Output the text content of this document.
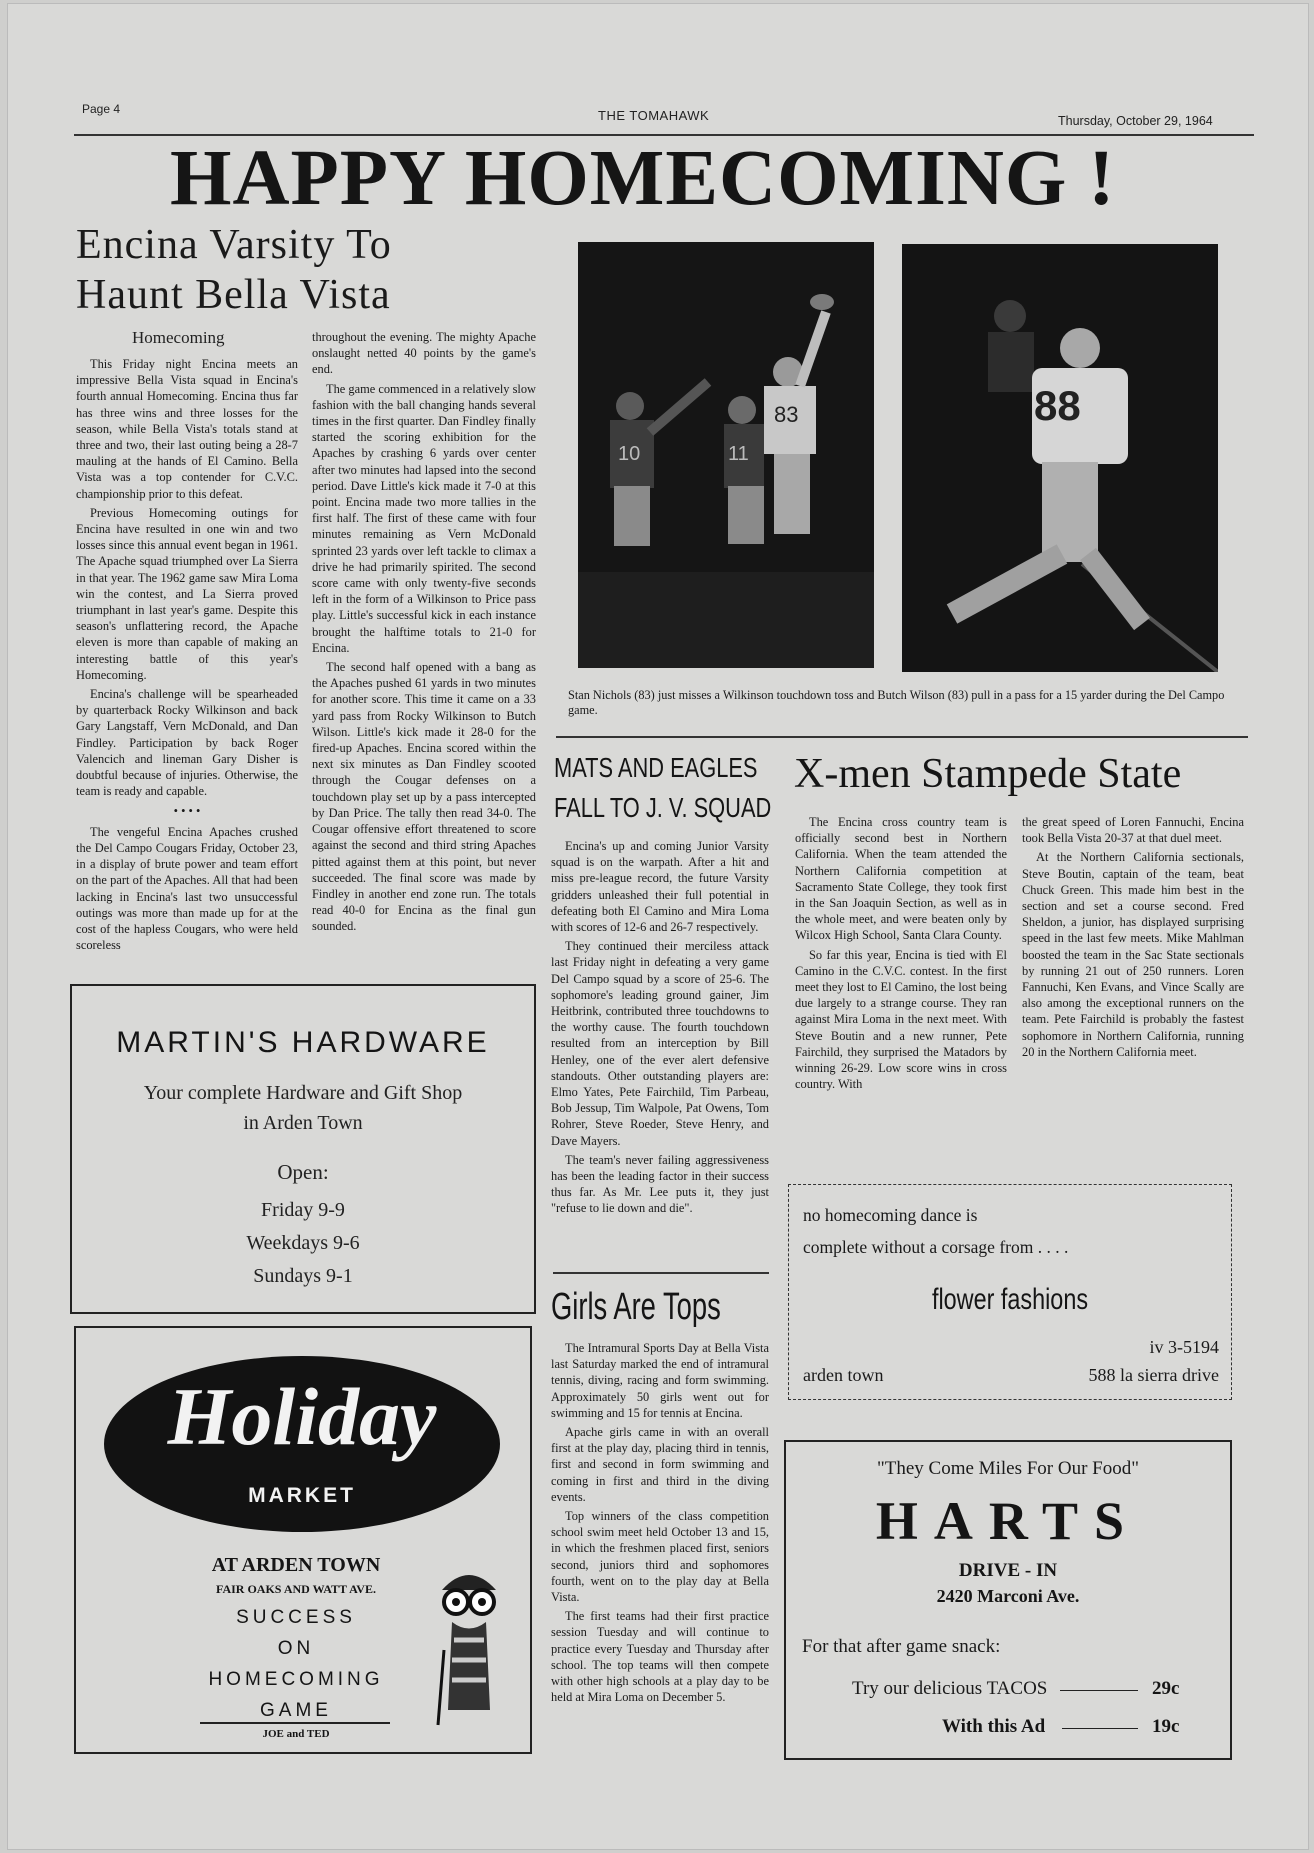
Page 4	THE TOMAHAWK	Thursday, October 29, 1964
HAPPY HOMECOMING !
Encina Varsity To
Haunt Bella Vista
Homecoming

This Friday night Encina meets an impressive Bella Vista squad in Encina's fourth annual Homecoming. Encina thus far has three wins and three losses for the season, while Bella Vista's totals stand at three and two, their last outing being a 28-7 mauling at the hands of El Camino. Bella Vista was a top contender for C.V.C. championship prior to this defeat.

Previous Homecoming outings for Encina have resulted in one win and two losses since this annual event began in 1961. The Apache squad triumphed over La Sierra in that year. The 1962 game saw Mira Loma win the contest, and La Sierra proved triumphant in last year's game. Despite this season's unflattering record, the Apache eleven is more than capable of making an interesting battle of this year's Homecoming.

Encina's challenge will be spearheaded by quarterback Rocky Wilkinson and back Gary Langstaff, Vern McDonald, and Dan Findley. Participation by back Roger Valencich and lineman Gary Disher is doubtful because of injuries. Otherwise, the team is ready and capable.

• • • •

The vengeful Encina Apaches crushed the Del Campo Cougars Friday, October 23, in a display of brute power and team effort on the part of the Apaches. All that had been lacking in Encina's last two unsuccessful outings was more than made up for at the cost of the hapless Cougars, who were held scoreless

throughout the evening. The mighty Apache onslaught netted 40 points by the game's end.

The game commenced in a relatively slow fashion with the ball changing hands several times in the first quarter. Dan Findley finally started the scoring exhibition for the Apaches by crashing 6 yards over center after two minutes had lapsed into the second period. Dave Little's kick made it 7-0 at this point. Encina made two more tallies in the first half. The first of these came with four minutes remaining as Vern McDonald sprinted 23 yards over left tackle to climax a drive he had primarily spirited. The second score came with only twenty-five seconds left in the form of a Wilkinson to Price pass play. Little's successful kick in each instance brought the halftime totals to 21-0 for Encina.

The second half opened with a bang as the Apaches pushed 61 yards in two minutes for another score. This time it came on a 33 yard pass from Rocky Wilkinson to Butch Wilson. Little's kick made it 28-0 for the fired-up Apaches. Encina scored within the next six minutes as Dan Findley scooted through the Cougar defenses on a touchdown play set up by a pass intercepted by Dan Price. The tally then read 34-0. The Cougar offensive effort threatened to score against the second and third string Apaches pitted against them at this point, but never succeeded. The final score was made by Findley in another end zone run. The totals read 40-0 for Encina as the final gun sounded.

10	11
83	88
Stan Nichols (83) just misses a Wilkinson touchdown toss and Butch Wilson (83) pull in a pass for a 15 yarder during the Del Campo game.
MATS AND EAGLES
FALL TO J. V. SQUAD

Encina's up and coming Junior Varsity squad is on the warpath. After a hit and miss pre-league record, the future Varsity gridders unleashed their full potential in defeating both El Camino and Mira Loma with scores of 12-6 and 26-7 respectively.

They continued their merciless attack last Friday night in defeating a very game Del Campo squad by a score of 25-6. The sophomore's leading ground gainer, Jim Heitbrink, contributed three touchdowns to the worthy cause. The fourth touchdown resulted from an interception by Bill Henley, one of the ever alert defensive standouts. Other outstanding players are: Elmo Yates, Pete Fairchild, Tim Parbeau, Bob Jessup, Tim Walpole, Pat Owens, Tom Rohrer, Steve Roeder, Steve Henry, and Dave Mayers.

The team's never failing aggressiveness has been the leading factor in their success thus far. As Mr. Lee puts it, they just "refuse to lie down and die".

X-men Stampede State

The Encina cross country team is officially second best in Northern California. When the team attended the Northern California competition at Sacramento State College, they took first in the San Joaquin Section, as well as in the whole meet, and were beaten only by Wilcox High School, Santa Clara County.

So far this year, Encina is tied with El Camino in the C.V.C. contest. In the first meet they lost to El Camino, the lost being due largely to a strange course. They ran against Mira Loma in the next meet. With Steve Boutin and a new runner, Pete Fairchild, they surprised the Matadors by winning 26-29. Low score wins in cross country. With

the great speed of Loren Fannuchi, Encina took Bella Vista 20-37 at that duel meet.

At the Northern California sectionals, Steve Boutin, captain of the team, beat Chuck Green. This made him best in the section and set a course second. Fred Sheldon, a junior, has displayed surprising speed in the last few meets. Mike Mahlman boosted the team in the Sac State sectionals by running 21 out of 250 runners. Loren Fannuchi, Ken Evans, and Vince Scally are also among the exceptional runners on the team. Pete Fairchild is probably the fastest sophomore in Northern California, running 20 in the Northern California meet.

Girls Are Tops

The Intramural Sports Day at Bella Vista last Saturday marked the end of intramural tennis, diving, racing and form swimming. Approximately 50 girls went out for swimming and 15 for tennis at Encina.

Apache girls came in with an overall first at the play day, placing third in tennis, first and second in form swimming and coming in first and third in the diving events.

Top winners of the class competition school swim meet held October 13 and 15, in which the freshmen placed first, seniors second, juniors third and sophomores fourth, went on to the play day at Bella Vista.

The first teams had their first practice session Tuesday and will continue to practice every Tuesday and Thursday after school. The top teams will then compete with other high schools at a play day to be held at Mira Loma on December 5.

MARTIN'S HARDWARE
Your complete Hardware and Gift Shop
in Arden Town
Open:
Friday 9-9
Weekdays 9-6
Sundays 9-1
Holiday
MARKET
AT ARDEN TOWN
FAIR OAKS AND WATT AVE.
SUCCESS
ON
HOMECOMING
GAME
JOE and TED
no homecoming dance is
complete without a corsage from . . . .
flower fashions
iv 3-5194
arden town	588 la sierra drive
"They Come Miles For Our Food"
HARTS
DRIVE - IN
2420 Marconi Ave.
For that after game snack:
Try our delicious TACOS	29c
With this Ad	19c
